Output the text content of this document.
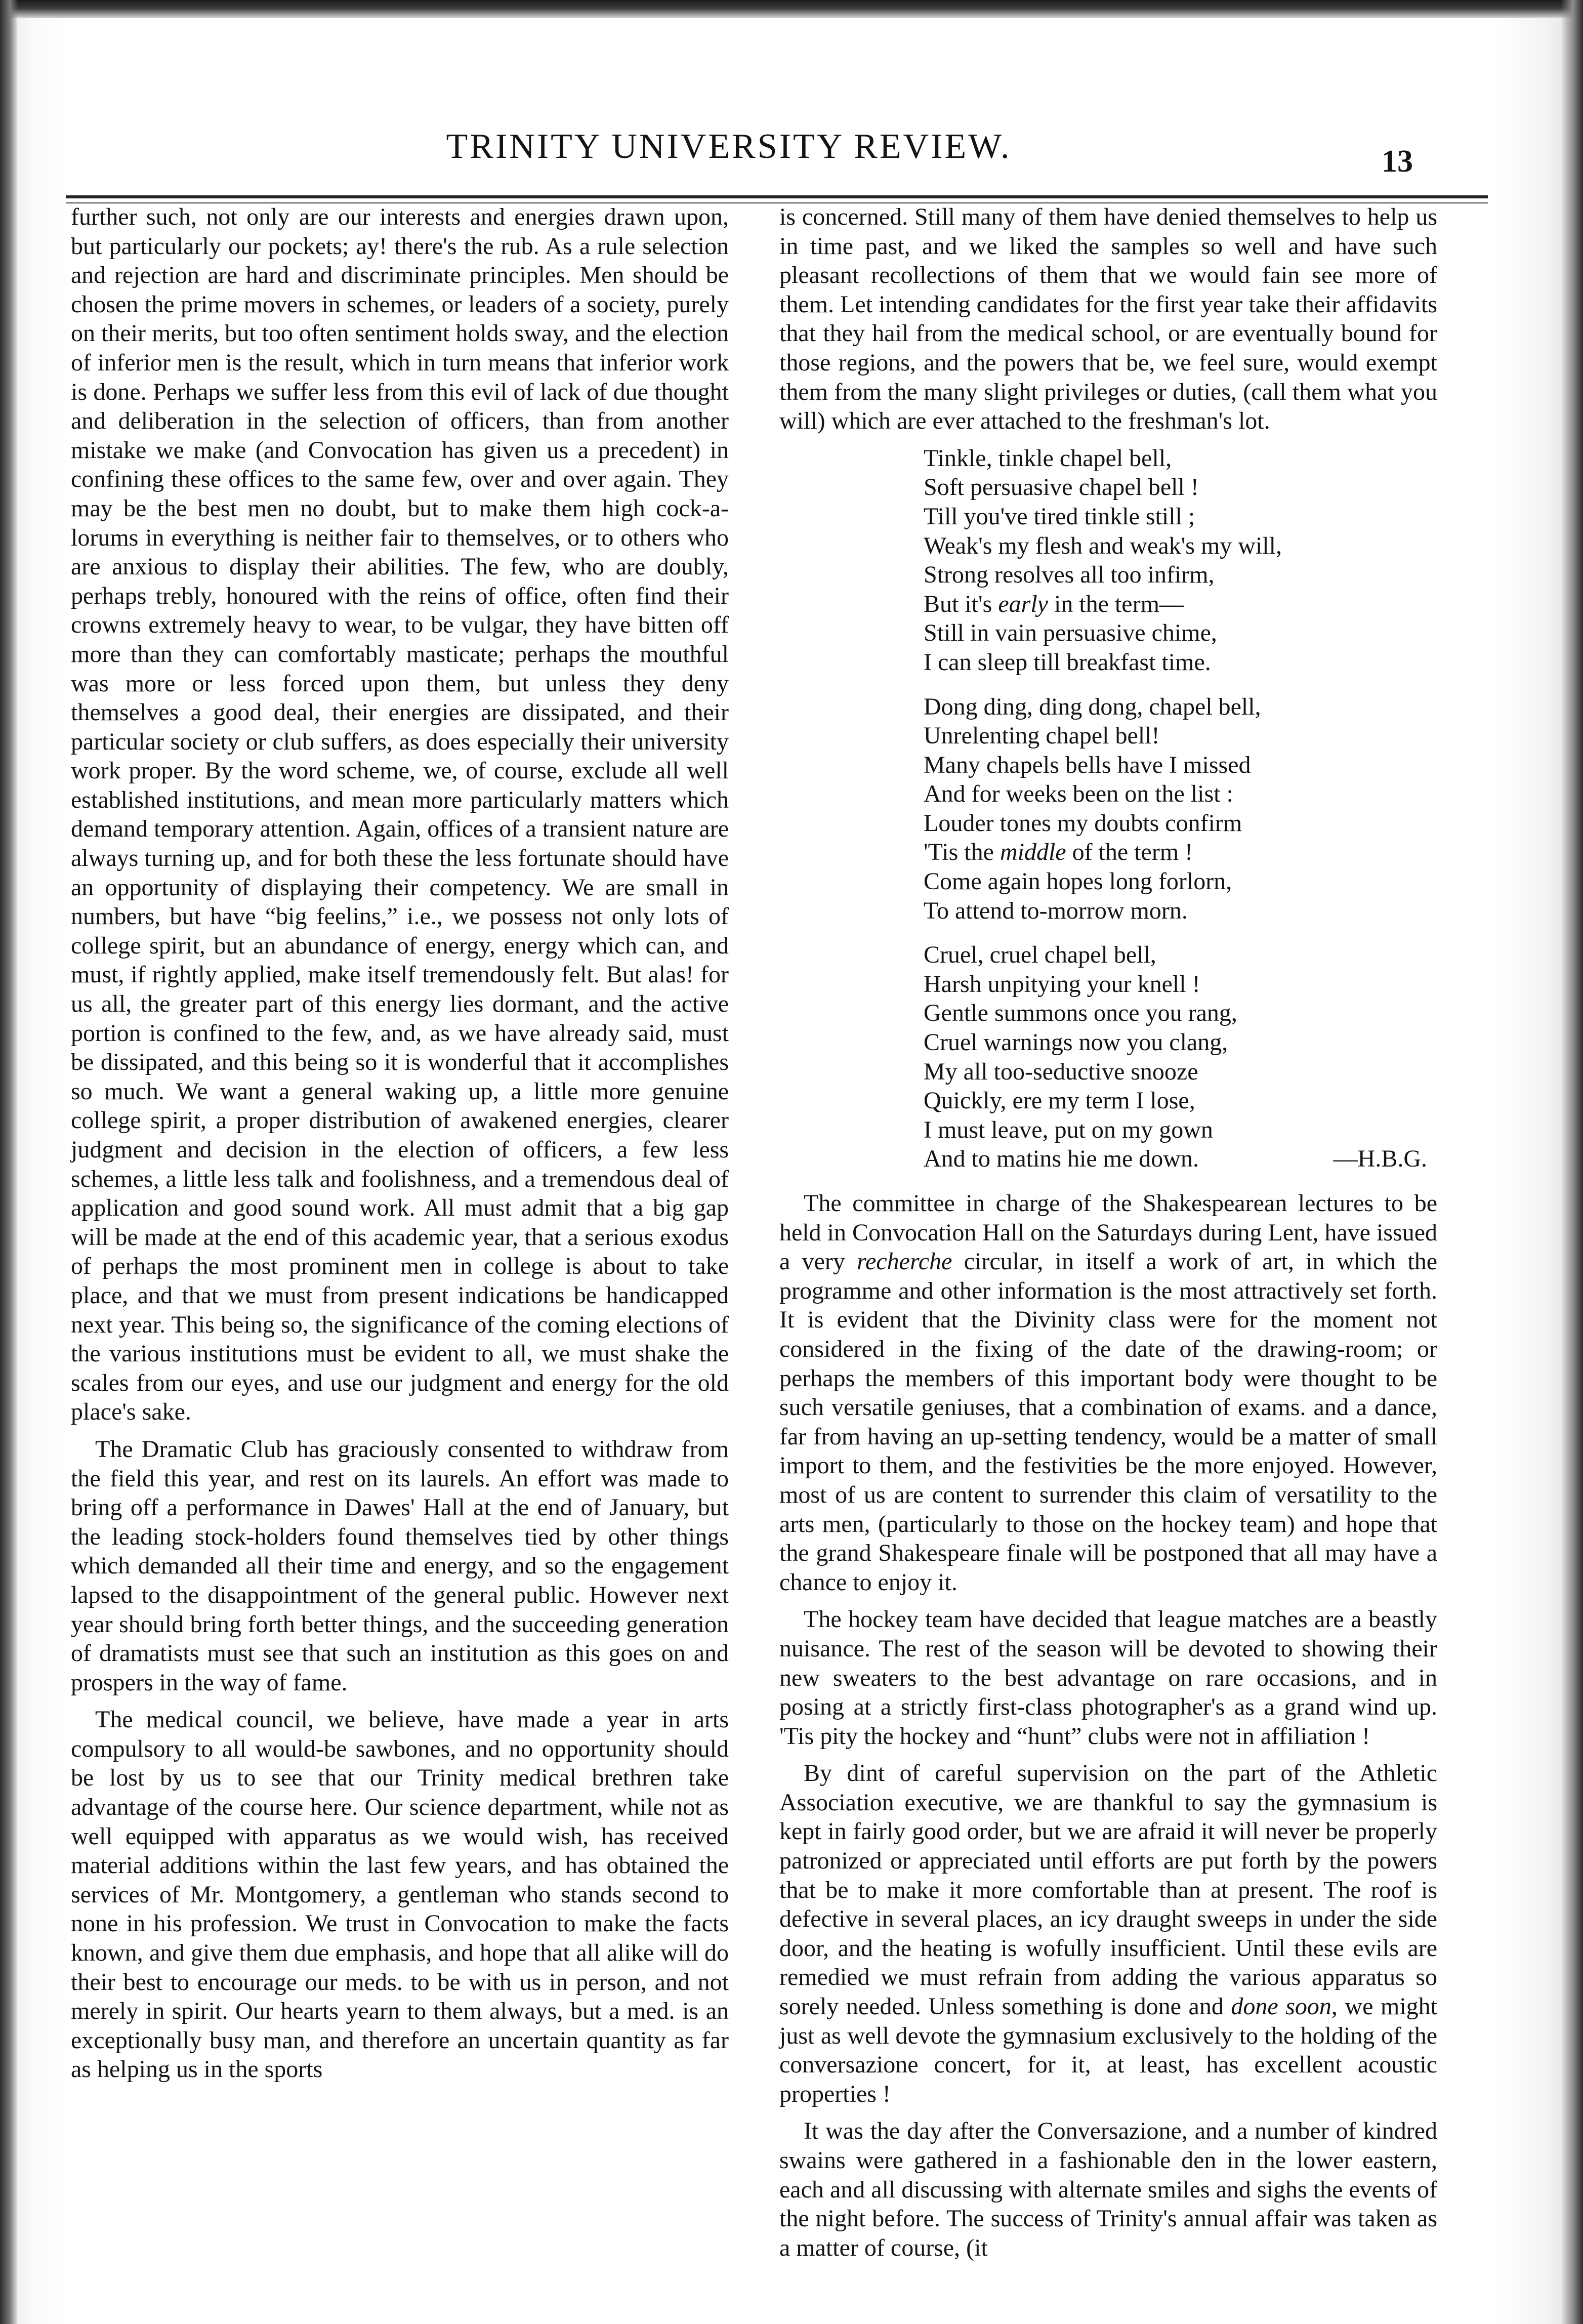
TRINITY UNIVERSITY REVIEW.	13

further such, not only are our interests and energies drawn upon, but particularly our pockets; ay! there's the rub. As a rule selection and rejection are hard and discriminate principles. Men should be chosen the prime movers in schemes, or leaders of a society, purely on their merits, but too often sentiment holds sway, and the election of inferior men is the result, which in turn means that inferior work is done. Perhaps we suffer less from this evil of lack of due thought and deliberation in the selection of officers, than from another mistake we make (and Convocation has given us a precedent) in confining these offices to the same few, over and over again. They may be the best men no doubt, but to make them high cock-a-lorums in everything is neither fair to themselves, or to others who are anxious to display their abilities. The few, who are doubly, perhaps trebly, honoured with the reins of office, often find their crowns extremely heavy to wear, to be vulgar, they have bitten off more than they can comfortably masticate; perhaps the mouthful was more or less forced upon them, but unless they deny themselves a good deal, their energies are dissipated, and their particular society or club suffers, as does especially their university work proper. By the word scheme, we, of course, exclude all well established institutions, and mean more particularly matters which demand temporary attention. Again, offices of a transient nature are always turning up, and for both these the less fortunate should have an opportunity of displaying their competency. We are small in numbers, but have “big feelins,” i.e., we possess not only lots of college spirit, but an abundance of energy, energy which can, and must, if rightly applied, make itself tremendously felt. But alas! for us all, the greater part of this energy lies dormant, and the active portion is confined to the few, and, as we have already said, must be dissipated, and this being so it is wonderful that it accomplishes so much. We want a general waking up, a little more genuine college spirit, a proper distribution of awakened energies, clearer judgment and decision in the election of officers, a few less schemes, a little less talk and foolishness, and a tremendous deal of application and good sound work. All must admit that a big gap will be made at the end of this academic year, that a serious exodus of perhaps the most prominent men in college is about to take place, and that we must from present indications be handicapped next year. This being so, the significance of the coming elections of the various institutions must be evident to all, we must shake the scales from our eyes, and use our judgment and energy for the old place's sake.

The Dramatic Club has graciously consented to withdraw from the field this year, and rest on its laurels. An effort was made to bring off a performance in Dawes' Hall at the end of January, but the leading stock-holders found themselves tied by other things which demanded all their time and energy, and so the engagement lapsed to the disappointment of the general public. However next year should bring forth better things, and the succeeding generation of dramatists must see that such an institution as this goes on and prospers in the way of fame.

The medical council, we believe, have made a year in arts compulsory to all would-be sawbones, and no opportunity should be lost by us to see that our Trinity medical brethren take advantage of the course here. Our science department, while not as well equipped with apparatus as we would wish, has received material additions within the last few years, and has obtained the services of Mr. Montgomery, a gentleman who stands second to none in his profession. We trust in Convocation to make the facts known, and give them due emphasis, and hope that all alike will do their best to encourage our meds. to be with us in person, and not merely in spirit. Our hearts yearn to them always, but a med. is an exceptionally busy man, and therefore an uncertain quantity as far as helping us in the sports

is concerned. Still many of them have denied themselves to help us in time past, and we liked the samples so well and have such pleasant recollections of them that we would fain see more of them. Let intending candidates for the first year take their affidavits that they hail from the medical school, or are eventually bound for those regions, and the powers that be, we feel sure, would exempt them from the many slight privileges or duties, (call them what you will) which are ever attached to the freshman's lot.

Tinkle, tinkle chapel bell,
Soft persuasive chapel bell !
Till you've tired tinkle still ;
Weak's my flesh and weak's my will,
Strong resolves all too infirm,
But it's early in the term—
Still in vain persuasive chime,
I can sleep till breakfast time.
Dong ding, ding dong, chapel bell,
Unrelenting chapel bell!
Many chapels bells have I missed
And for weeks been on the list :
Louder tones my doubts confirm
'Tis the middle of the term !
Come again hopes long forlorn,
To attend to-morrow morn.
Cruel, cruel chapel bell,
Harsh unpitying your knell !
Gentle summons once you rang,
Cruel warnings now you clang,
My all too-seductive snooze
Quickly, ere my term I lose,
I must leave, put on my gown
And to matins hie me down.	—H.B.G.

The committee in charge of the Shakespearean lectures to be held in Convocation Hall on the Saturdays during Lent, have issued a very recherche circular, in itself a work of art, in which the programme and other information is the most attractively set forth. It is evident that the Divinity class were for the moment not considered in the fixing of the date of the drawing-room; or perhaps the members of this important body were thought to be such versatile geniuses, that a combination of exams. and a dance, far from having an up-setting tendency, would be a matter of small import to them, and the festivities be the more enjoyed. However, most of us are content to surrender this claim of versatility to the arts men, (particularly to those on the hockey team) and hope that the grand Shakespeare finale will be postponed that all may have a chance to enjoy it.

The hockey team have decided that league matches are a beastly nuisance. The rest of the season will be devoted to showing their new sweaters to the best advantage on rare occasions, and in posing at a strictly first-class photographer's as a grand wind up. 'Tis pity the hockey and “hunt” clubs were not in affiliation !

By dint of careful supervision on the part of the Athletic Association executive, we are thankful to say the gymnasium is kept in fairly good order, but we are afraid it will never be properly patronized or appreciated until efforts are put forth by the powers that be to make it more comfortable than at present. The roof is defective in several places, an icy draught sweeps in under the side door, and the heating is wofully insufficient. Until these evils are remedied we must refrain from adding the various apparatus so sorely needed. Unless something is done and done soon, we might just as well devote the gymnasium exclusively to the holding of the conversazione concert, for it, at least, has excellent acoustic properties !

It was the day after the Conversazione, and a number of kindred swains were gathered in a fashionable den in the lower eastern, each and all discussing with alternate smiles and sighs the events of the night before. The success of Trinity's annual affair was taken as a matter of course, (it
